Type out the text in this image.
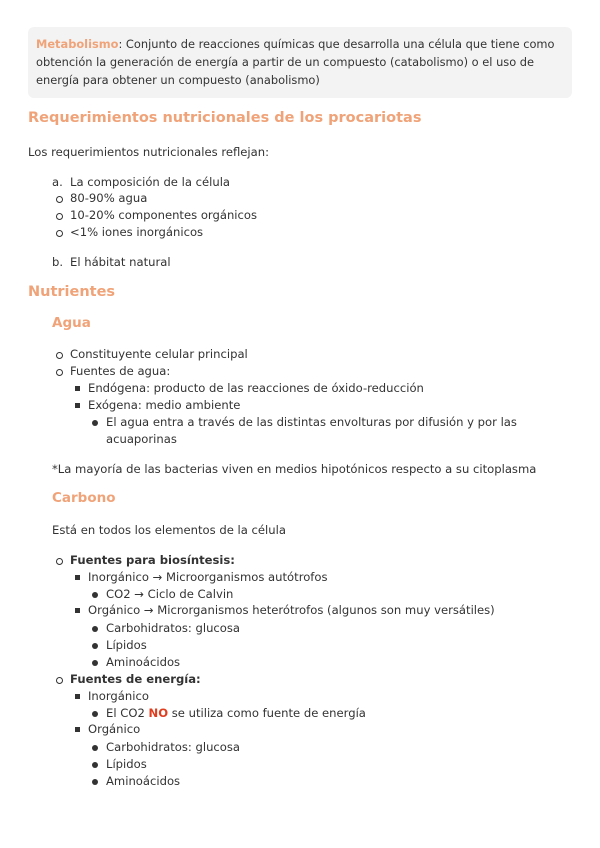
Metabolismo: Conjunto de reacciones químicas que desarrolla una célula que tiene como obtención la generación de energía a partir de un compuesto (catabolismo) o el uso de energía para obtener un compuesto (anabolismo)
Requerimientos nutricionales de los procariotas
Los requerimientos nutricionales reflejan:
a. La composición de la célula
80-90% agua
10-20% componentes orgánicos
<1% iones inorgánicos
b. El hábitat natural
Nutrientes
Agua
Constituyente celular principal
Fuentes de agua:
Endógena: producto de las reacciones de óxido-reducción
Exógena: medio ambiente
El agua entra a través de las distintas envolturas por difusión y por las
acuaporinas
*La mayoría de las bacterias viven en medios hipotónicos respecto a su citoplasma
Carbono
Está en todos los elementos de la célula
Fuentes para biosíntesis:
Inorgánico → Microorganismos autótrofos
CO2 → Ciclo de Calvin
Orgánico → Microrganismos heterótrofos (algunos son muy versátiles)
Carbohidratos: glucosa
Lípidos
Aminoácidos
Fuentes de energía:
Inorgánico
El CO2 NO se utiliza como fuente de energía
Orgánico
Carbohidratos: glucosa
Lípidos
Aminoácidos
